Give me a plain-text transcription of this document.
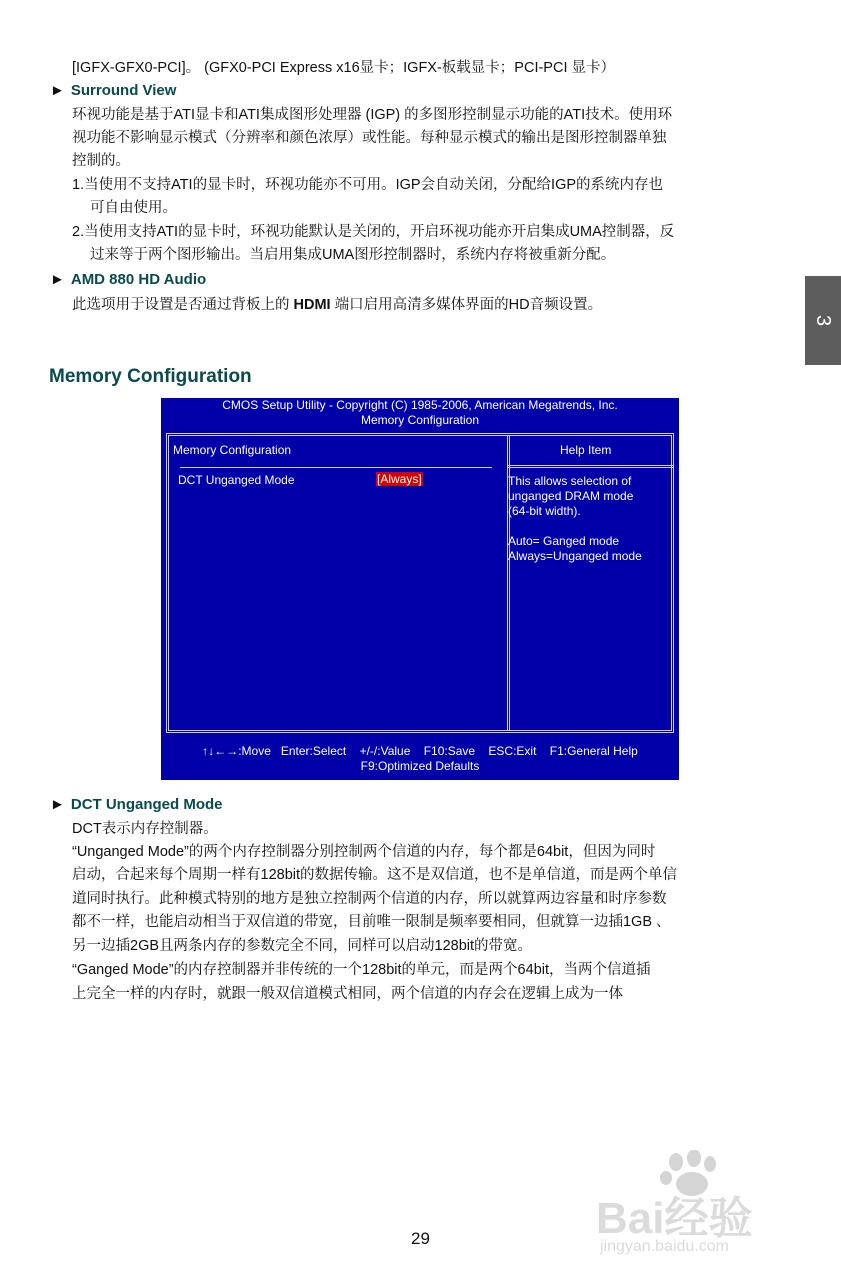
[IGFX-GFX0-PCI]。 (GFX0-PCI Express x16显卡；IGFX-板载显卡；PCI-PCI 显卡）
► Surround View
环视功能是基于ATI显卡和ATI集成图形处理器 (IGP) 的多图形控制显示功能的ATI技术。使用环
视功能不影响显示模式（分辨率和颜色浓厚）或性能。每种显示模式的输出是图形控制器单独
控制的。
1.当使用不支持ATI的显卡时，环视功能亦不可用。IGP会自动关闭，分配给IGP的系统内存也
可自由使用。
2.当使用支持ATI的显卡时，环视功能默认是关闭的，开启环视功能亦开启集成UMA控制器，反
过来等于两个图形输出。当启用集成UMA图形控制器时，系统内存将被重新分配。
► AMD 880 HD Audio
此选项用于设置是否通过背板上的 HDMI 端口启用高清多媒体界面的HD音频设置。
3
Memory Configuration
CMOS Setup Utility - Copyright (C) 1985-2006, American Megatrends, Inc.
Memory Configuration
Memory Configuration	Help Item
DCT Unganged Mode	[Always]	This allows selection of
unganged DRAM mode
(64-bit width).
Auto= Ganged mode
Always=Unganged mode
↑↓←→:Move   Enter:Select    +/-/:Value    F10:Save    ESC:Exit    F1:General Help
F9:Optimized Defaults
► DCT Unganged Mode
DCT表示内存控制器。
“Unganged Mode”的两个内存控制器分别控制两个信道的内存，每个都是64bit，但因为同时
启动，合起来每个周期一样有128bit的数据传输。这不是双信道，也不是单信道，而是两个单信
道同时执行。此种模式特别的地方是独立控制两个信道的内存，所以就算两边容量和时序参数
都不一样，也能启动相当于双信道的带宽，目前唯一限制是频率要相同，但就算一边插1GB 、
另一边插2GB且两条内存的参数完全不同，同样可以启动128bit的带宽。
“Ganged Mode”的内存控制器并非传统的一个128bit的单元，而是两个64bit，当两个信道插
上完全一样的内存时，就跟一般双信道模式相同，两个信道的内存会在逻辑上成为一体
Bai经验
jingyan.baidu.com
29
